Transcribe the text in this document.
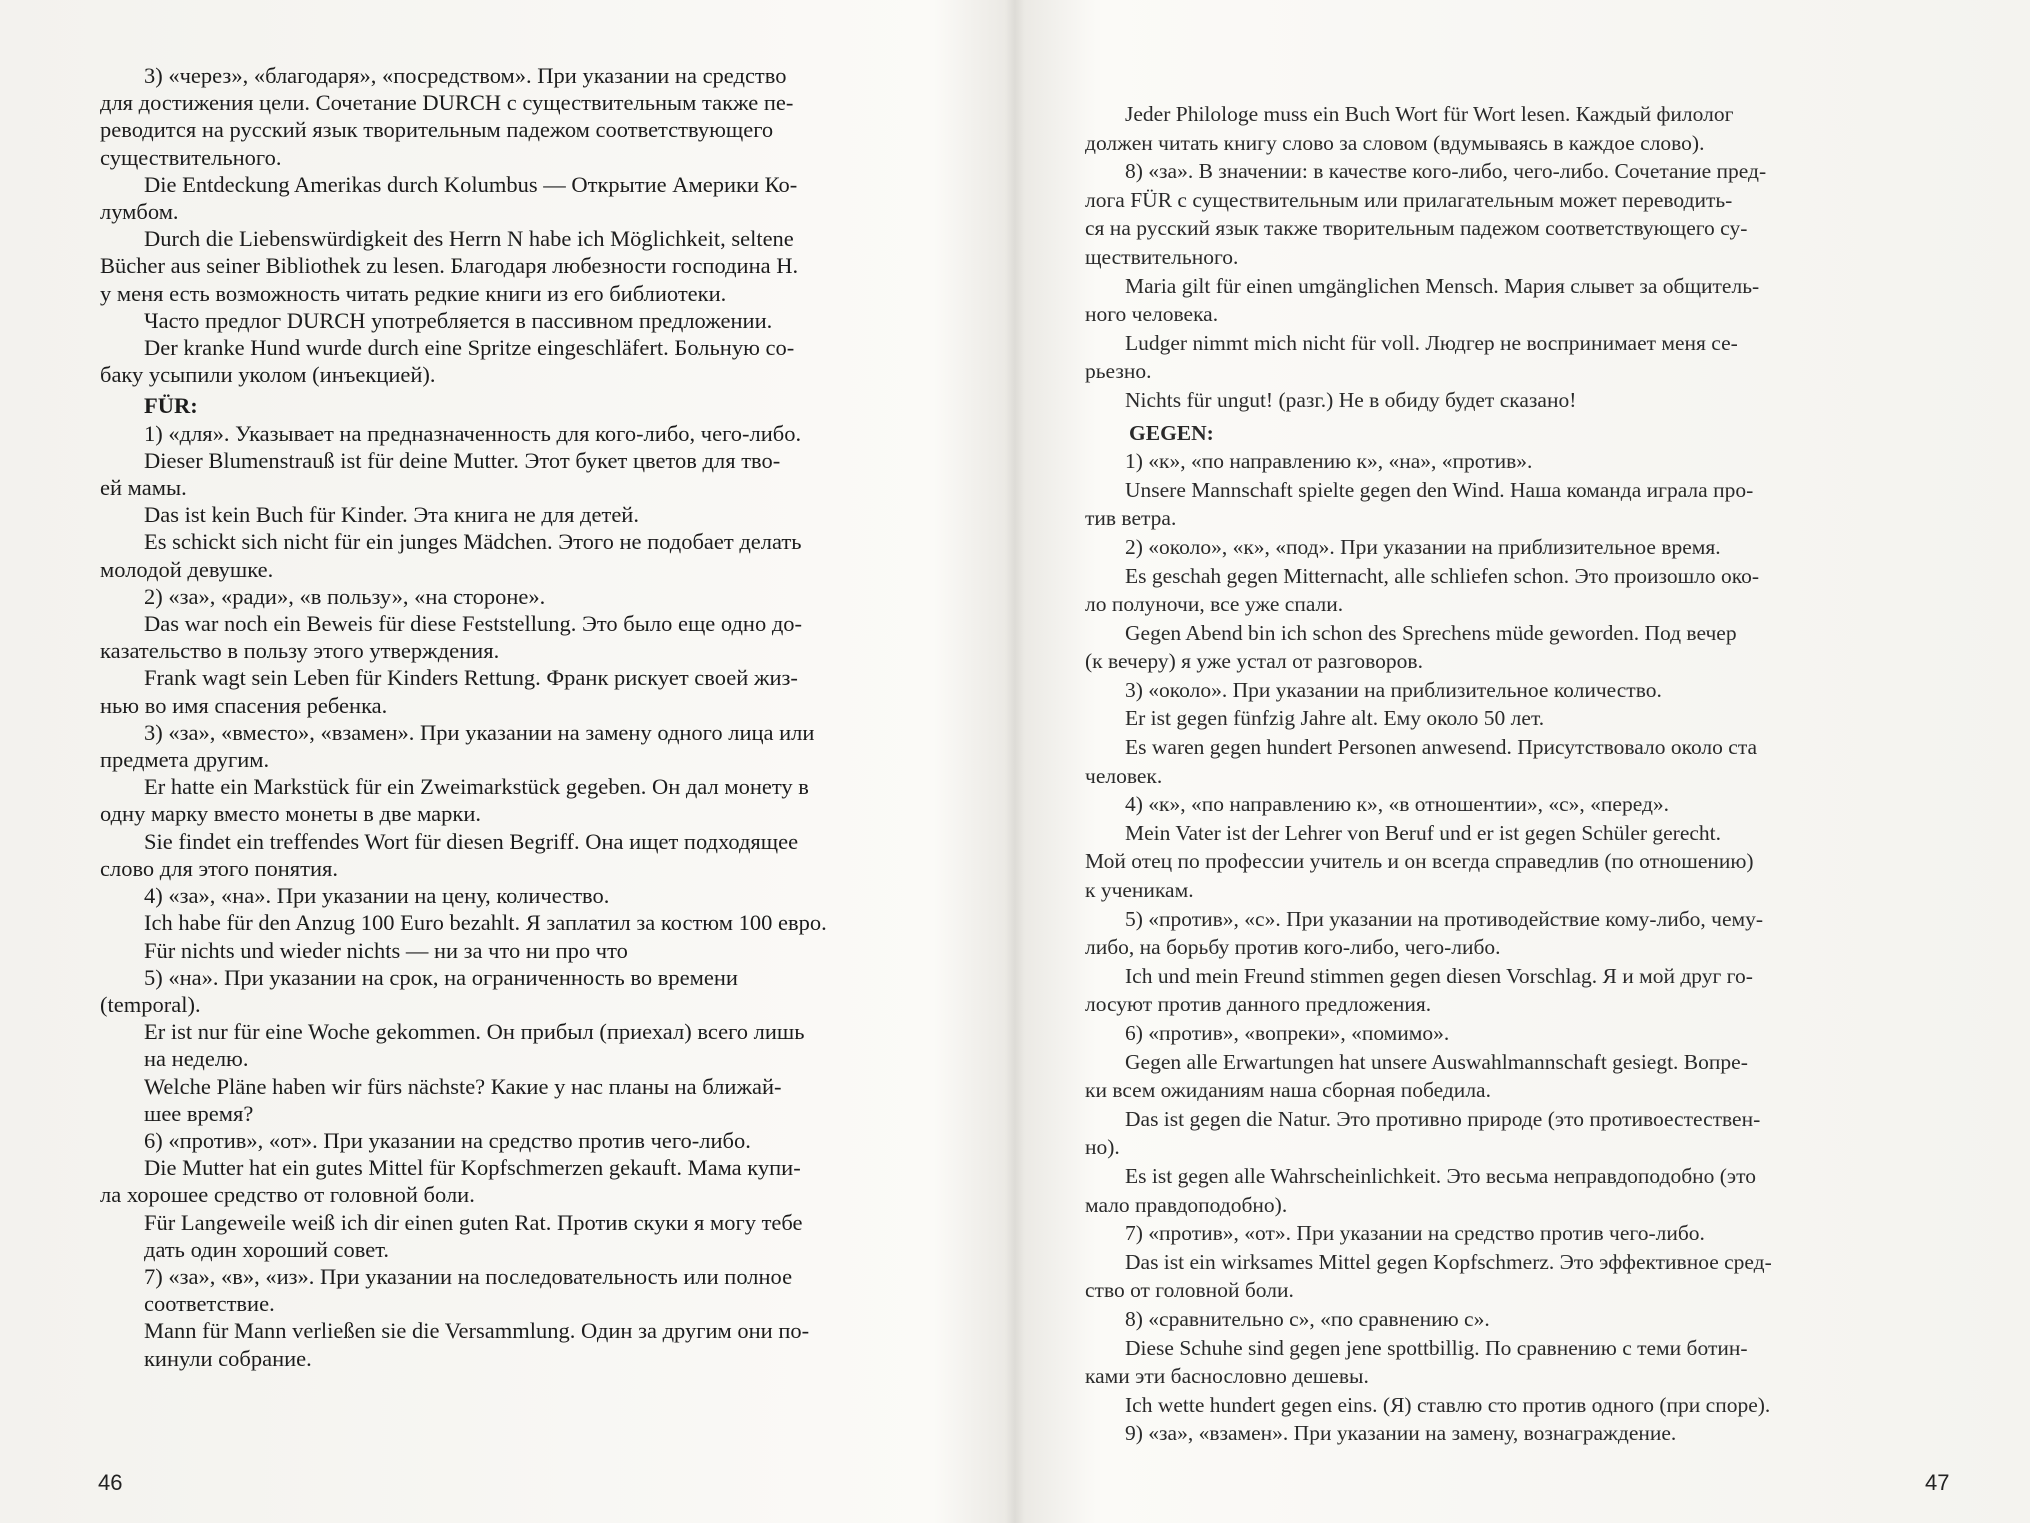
3) «через», «благодаря», «посредством». При указании на средство
для достижения цели. Сочетание DURCH с существительным также пе-
реводится на русский язык творительным падежом соответствующего
существительного.
Die Entdeckung Amerikas durch Kolumbus — Открытие Америки Ко-
лумбом.
Durch die Liebenswürdigkeit des Herrn N habe ich Möglichkeit, seltene
Bücher aus seiner Bibliothek zu lesen. Благодаря любезности господина Н.
у меня есть возможность читать редкие книги из его библиотеки.
Часто предлог DURCH употребляется в пассивном предложении.
Der kranke Hund wurde durch eine Spritze eingeschläfert. Больную со-
баку усыпили уколом (инъекцией).
FÜR:
1) «для». Указывает на предназначенность для кого-либо, чего-либо.
Dieser Blumenstrauß ist für deine Mutter. Этот букет цветов для тво-
ей мамы.
Das ist kein Buch für Kinder. Эта книга не для детей.
Es schickt sich nicht für ein junges Mädchen. Этого не подобает делать
молодой девушке.
2) «за», «ради», «в пользу», «на стороне».
Das war noch ein Beweis für diese Feststellung. Это было еще одно до-
казательство в пользу этого утверждения.
Frank wagt sein Leben für Kinders Rettung. Франк рискует своей жиз-
нью во имя спасения ребенка.
3) «за», «вместо», «взамен». При указании на замену одного лица или
предмета другим.
Er hatte ein Markstück für ein Zweimarkstück gegeben. Он дал монету в
одну марку вместо монеты в две марки.
Sie findet ein treffendes Wort für diesen Begriff. Она ищет подходящее
слово для этого понятия.
4) «за», «на». При указании на цену, количество.
Ich habe für den Anzug 100 Euro bezahlt. Я заплатил за костюм 100 евро.
Für nichts und wieder nichts — ни за что ни про что
5) «на». При указании на срок, на ограниченность во времени
(temporal).
Er ist nur für eine Woche gekommen. Он прибыл (приехал) всего лишь
на неделю.
Welche Pläne haben wir fürs nächste? Какие у нас планы на ближай-
шее время?
6) «против», «от». При указании на средство против чего-либо.
Die Mutter hat ein gutes Mittel für Kopfschmerzen gekauft. Мама купи-
ла хорошее средство от головной боли.
Für Langeweile weiß ich dir einen guten Rat. Против скуки я могу тебе
дать один хороший совет.
7) «за», «в», «из». При указании на последовательность или полное
соответствие.
Mann für Mann verließen sie die Versammlung. Один за другим они по-
кинули собрание.
46
Jeder Philologe muss ein Buch Wort für Wort lesen. Каждый филолог
должен читать книгу слово за словом (вдумываясь в каждое слово).
8) «за». В значении: в качестве кого-либо, чего-либо. Сочетание пред-
лога FÜR с существительным или прилагательным может переводить-
ся на русский язык также творительным падежом соответствующего су-
ществительного.
Maria gilt für einen umgänglichen Mensch. Мария слывет за общитель-
ного человека.
Ludger nimmt mich nicht für voll. Людгер не воспринимает меня се-
рьезно.
Nichts für ungut! (разг.) Не в обиду будет сказано!
GEGEN:
1) «к», «по направлению к», «на», «против».
Unsere Mannschaft spielte gegen den Wind. Наша команда играла про-
тив ветра.
2) «около», «к», «под». При указании на приблизительное время.
Es geschah gegen Mitternacht, alle schliefen schon. Это произошло око-
ло полуночи, все уже спали.
Gegen Abend bin ich schon des Sprechens müde geworden. Под вечер
(к вечеру) я уже устал от разговоров.
3) «около». При указании на приблизительное количество.
Er ist gegen fünfzig Jahre alt. Ему около 50 лет.
Es waren gegen hundert Personen anwesend. Присутствовало около ста
человек.
4) «к», «по направлению к», «в отношентии», «с», «перед».
Mein Vater ist der Lehrer von Beruf und er ist gegen Schüler gerecht.
Мой отец по профессии учитель и он всегда справедлив (по отношению)
к ученикам.
5) «против», «с». При указании на противодействие кому-либо, чему-
либо, на борьбу против кого-либо, чего-либо.
Ich und mein Freund stimmen gegen diesen Vorschlag. Я и мой друг го-
лосуют против данного предложения.
6) «против», «вопреки», «помимо».
Gegen alle Erwartungen hat unsere Auswahlmannschaft gesiegt. Вопре-
ки всем ожиданиям наша сборная победила.
Das ist gegen die Natur. Это противно природе (это противоестествен-
но).
Es ist gegen alle Wahrscheinlichkeit. Это весьма неправдоподобно (это
мало правдоподобно).
7) «против», «от». При указании на средство против чего-либо.
Das ist ein wirksames Mittel gegen Kopfschmerz. Это эффективное сред-
ство от головной боли.
8) «сравнительно с», «по сравнению с».
Diese Schuhe sind gegen jene spottbillig. По сравнению с теми ботин-
ками эти баснословно дешевы.
Ich wette hundert gegen eins. (Я) ставлю сто против одного (при споре).
9) «за», «взамен». При указании на замену, вознаграждение.
47
